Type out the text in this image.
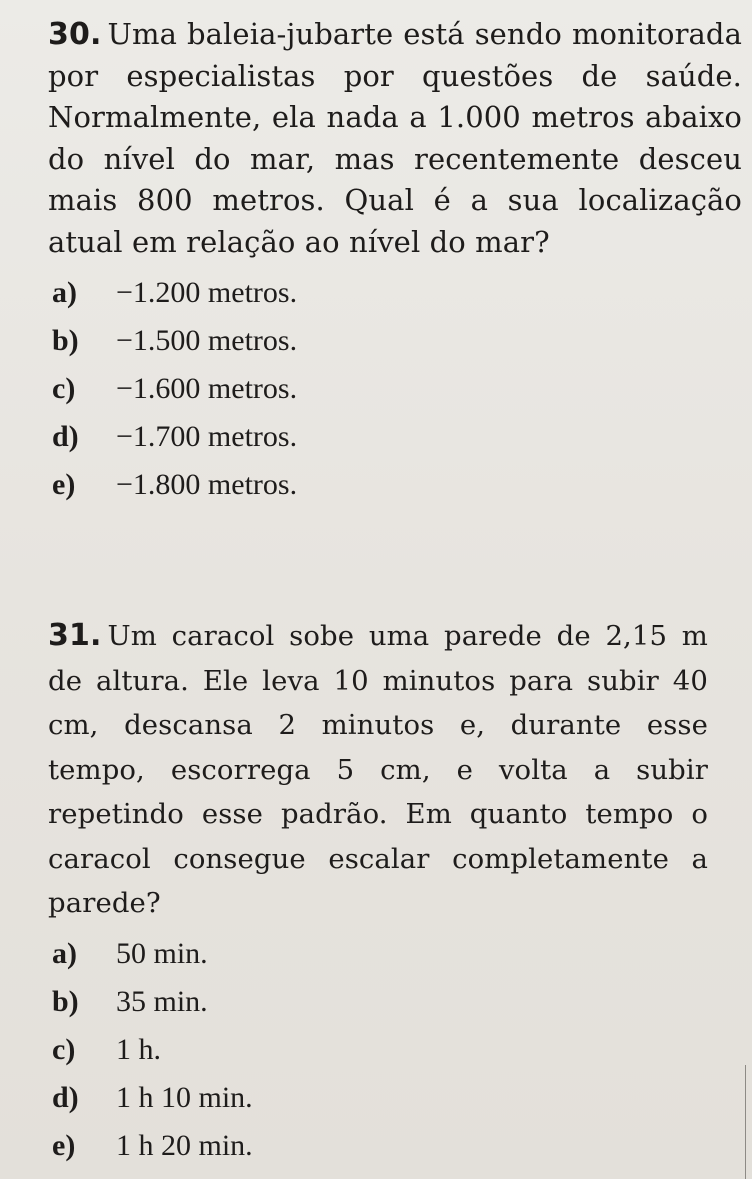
30. Uma baleia-jubarte está sendo monitorada por especialistas por questões de saúde. Normalmente, ela nada a 1.000 metros abaixo do nível do mar, mas recentemente desceu mais 800 metros. Qual é a sua localização atual em relação ao nível do mar?

a)	−1.200 metros.
b)	−1.500 metros.
c)	−1.600 metros.
d)	−1.700 metros.
e)	−1.800 metros.

31. Um caracol sobe uma parede de 2,15 m de altura. Ele leva 10 minutos para subir 40 cm, descansa 2 minutos e, durante esse tempo, escorrega 5 cm, e volta a subir repetindo esse padrão. Em quanto tempo o caracol consegue escalar completamente a parede?

a)	50 min.
b)	35 min.
c)	1 h.
d)	1 h 10 min.
e)	1 h 20 min.
